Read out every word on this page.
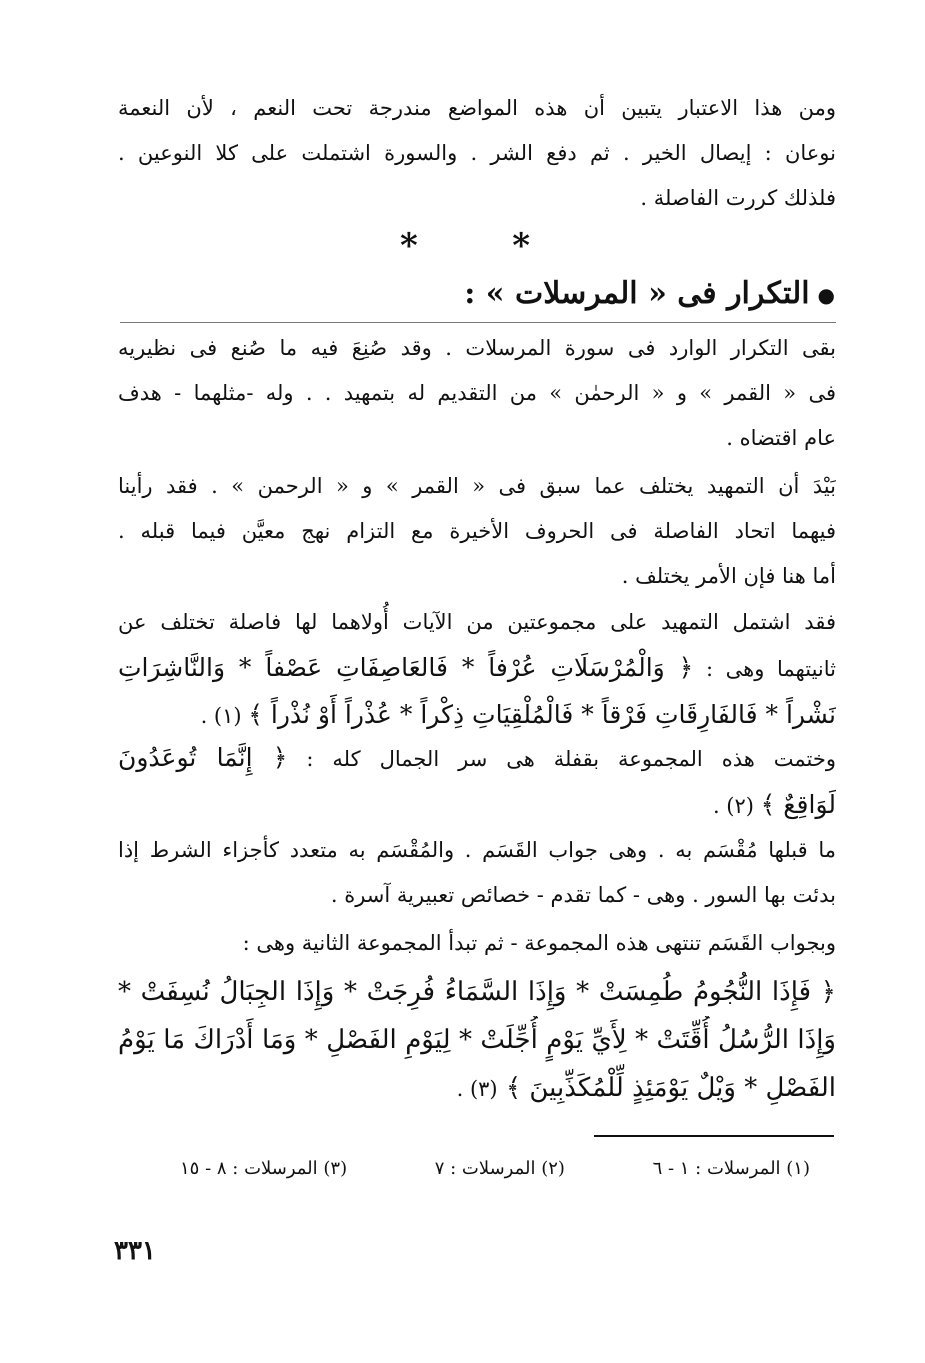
ومن هذا الاعتبار يتبين أن هذه المواضع مندرجة تحت النعم ، لأن النعمة
نوعان : إيصال الخير . ثم دفع الشر . والسورة اشتملت على كلا النوعين .
فلذلك كررت الفاصلة .
*	*
●التكرار فى « المرسلات » :
بقى التكرار الوارد فى سورة المرسلات . وقد صُنِعَ فيه ما صُنع فى نظيريه
فى « القمر » و « الرحمٰن » من التقديم له بتمهيد . . وله -مثلهما - هدف
عام اقتضاه .
بَيْدَ أن التمهيد يختلف عما سبق فى « القمر » و « الرحمن » . فقد رأينا
فيهما اتحاد الفاصلة فى الحروف الأخيرة مع التزام نهج معيَّن فيما قبله .
أما هنا فإن الأمر يختلف .
فقد اشتمل التمهيد على مجموعتين من الآيات أُولاهما لها فاصلة تختلف عن
ثانيتهما وهى : ﴿ وَالْمُرْسَلَاتِ عُرْفاً * فَالعَاصِفَاتِ عَصْفاً * وَالنَّاشِرَاتِ
نَشْراً * فَالفَارِقَاتِ فَرْقاً * فَالْمُلْقِيَاتِ ذِكْراً * عُذْراً أَوْ نُذْراً ﴾ (١) .
وختمت هذه المجموعة بقفلة هى سر الجمال كله : ﴿ إِنَّمَا تُوعَدُونَ
لَوَاقِعٌ ﴾ (٢) .
ما قبلها مُقْسَم به . وهى جواب القَسَم . والمُقْسَم به متعدد كأجزاء الشرط إذا
بدئت بها السور . وهى - كما تقدم - خصائص تعبيرية آسرة .
وبجواب القَسَم تنتهى هذه المجموعة - ثم تبدأ المجموعة الثانية وهى :
﴿ فَإِذَا النُّجُومُ طُمِسَتْ * وَإِذَا السَّمَاءُ فُرِجَتْ * وَإِذَا الجِبَالُ نُسِفَتْ *
وَإِذَا الرُّسُلُ أُقِّتَتْ * لِأَيِّ يَوْمٍ أُجِّلَتْ * لِيَوْمِ الفَصْلِ * وَمَا أَدْرَاكَ مَا يَوْمُ
الفَصْلِ * وَيْلٌ يَوْمَئِذٍ لِّلْمُكَذِّبِينَ ﴾ (٣) .
(١) المرسلات : ١ - ٦
(٢) المرسلات : ٧
(٣) المرسلات : ٨ - ١٥
٣٣١
